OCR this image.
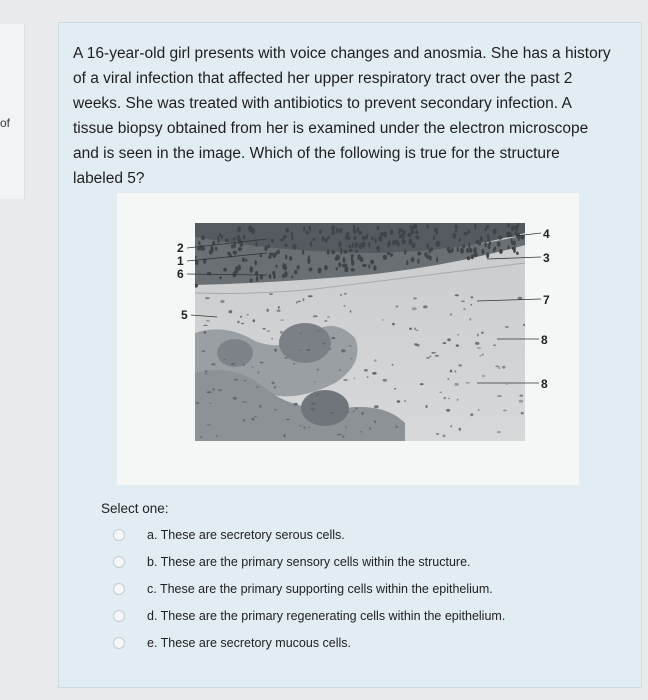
of
A 16-year-old girl presents with voice changes and anosmia. She has a history of a viral infection that affected her upper respiratory tract over the past 2 weeks. She was treated with antibiotics to prevent secondary infection. A tissue biopsy obtained from her is examined under the electron microscope and is seen in the image. Which of the following is true for the structure labeled 5?
2
1
6
5
4
3
7
8
8
Select one:
a. These are secretory serous cells.
b. These are the primary sensory cells within the structure.
c. These are the primary supporting cells within the epithelium.
d. These are the primary regenerating cells within the epithelium.
e. These are secretory mucous cells.
